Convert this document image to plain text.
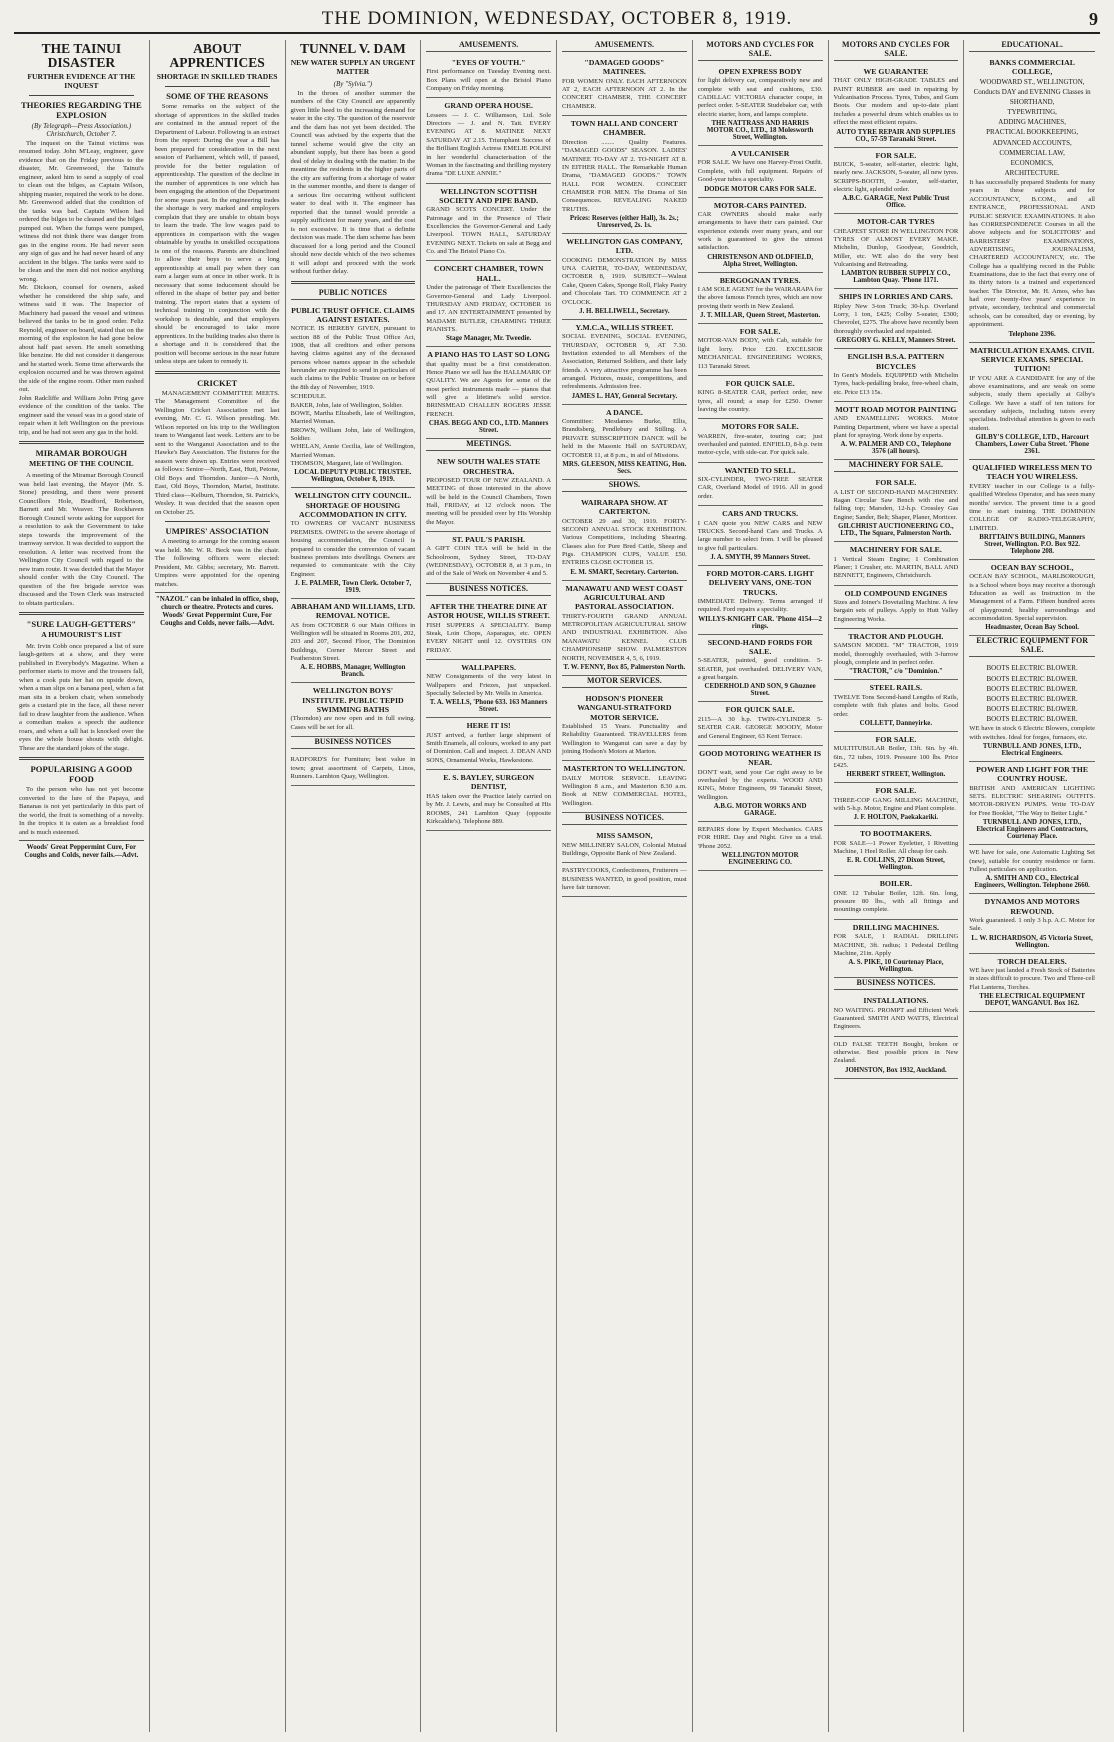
THE DOMINION, WEDNESDAY, OCTOBER 8, 1919.	9
THE TAINUI DISASTER
FURTHER EVIDENCE AT THE INQUEST
THEORIES REGARDING THE EXPLOSION
(By Telegraph—Press Association.) Christchurch, October 7.

The inquest on the Tainui victims was resumed today. John M'Leay, engineer, gave evidence that on the Friday previous to the disaster, Mr. Greenwood, the Tainui's engineer, asked him to send a supply of coal to clean out the bilges, as Captain Wilson, shipping master, required the work to be done. Mr. Greenwood added that the condition of the tanks was bad. Captain Wilson had ordered the bilges to be cleaned and the bilges pumped out. When the fumps were pumped, witness did not think there was danger from gas in the engine room. He had never seen any sign of gas and he had never heard of any accident in the bilges. The tanks were said to be clean and the men did not notice anything wrong.
Mr. Dickson, counsel for owners, asked whether he considered the ship safe, and witness said it was. The Inspector of Machinery had passed the vessel and witness believed the tanks to be in good order. Feliz Reynold, engineer on board, stated that on the morning of the explosion he had gone below about half past seven. He smelt something like benzine. He did not consider it dangerous and he started work. Some time afterwards the explosion occurred and he was thrown against the side of the engine room. Other men rushed out.
John Radcliffe and William John Pring gave evidence of the condition of the tanks. The engineer said the vessel was in a good state of repair when it left Wellington on the previous trip, and he had not seen any gas in the hold.

MIRAMAR BOROUGH
MEETING OF THE COUNCIL

A meeting of the Miramar Borough Council was held last evening, the Mayor (Mr. S. Stone) presiding, and there were present Councillors Hole, Bradford, Robertson, Barnett and Mr. Weaver. The Rockhaven Borough Council wrote asking for support for a resolution to ask the Government to take steps towards the improvement of the tramway service. It was decided to support the resolution. A letter was received from the Wellington City Council with regard to the new tram route. It was decided that the Mayor should confer with the City Council. The question of the fire brigade service was discussed and the Town Clerk was instructed to obtain particulars.

"SURE LAUGH-GETTERS"
A HUMOURIST'S LIST

Mr. Irvin Cobb once prepared a list of sure laugh-getters at a show, and they were published in Everybody's Magazine. When a performer starts to move and the trousers fall, when a cook puts her hat on upside down, when a man slips on a banana peel, when a fat man sits in a broken chair, when somebody gets a custard pie in the face, all these never fail to draw laughter from the audience. When a comedian makes a speech the audience roars, and when a tall hat is knocked over the eyes the whole house shouts with delight. These are the standard jokes of the stage.

POPULARISING A GOOD FOOD

To the person who has not yet become converted to the lure of the Papaya, and Bananas is not yet particularly in this part of the world, the fruit is something of a novelty. In the tropics it is eaten as a breakfast food and is much esteemed.

Woods' Great Peppermint Cure, For Coughs and Colds, never fails.—Advt.
ABOUT APPRENTICES
SHORTAGE IN SKILLED TRADES
SOME OF THE REASONS

Some remarks on the subject of the shortage of apprentices in the skilled trades are contained in the annual report of the Department of Labour. Following is an extract from the report: During the year a Bill has been prepared for consideration in the next session of Parliament, which will, if passed, provide for the better regulation of apprenticeship. The question of the decline in the number of apprentices is one which has been engaging the attention of the Department for some years past. In the engineering trades the shortage is very marked and employers complain that they are unable to obtain boys to learn the trade. The low wages paid to apprentices in comparison with the wages obtainable by youths in unskilled occupations is one of the reasons. Parents are disinclined to allow their boys to serve a long apprenticeship at small pay when they can earn a larger sum at once in other work. It is necessary that some inducement should be offered in the shape of better pay and better training. The report states that a system of technical training in conjunction with the workshop is desirable, and that employers should be encouraged to take more apprentices. In the building trades also there is a shortage and it is considered that the position will become serious in the near future unless steps are taken to remedy it.

CRICKET

MANAGEMENT COMMITTEE MEETS. The Management Committee of the Wellington Cricket Association met last evening, Mr. C. G. Wilson presiding. Mr. Wilson reported on his trip to the Wellington team to Wanganui last week. Letters are to be sent to the Wanganui Association and to the Hawke's Bay Association. The fixtures for the season were drawn up. Entries were received as follows: Senior—North, East, Hutt, Petone, Old Boys and Thorndon. Junior—A North, East, Old Boys, Thorndon, Marist, Institute. Third class—Kelburn, Thorndon, St. Patrick's, Wesley. It was decided that the season open on October 25.

UMPIRES' ASSOCIATION

A meeting to arrange for the coming season was held. Mr. W. R. Beck was in the chair. The following officers were elected: President, Mr. Gibbs; secretary, Mr. Barrett. Umpires were appointed for the opening matches.

"NAZOL" can be inhaled in office, shop, church or theatre. Protects and cures. Woods' Great Peppermint Cure, For Coughs and Colds, never fails.—Advt.
TUNNEL V. DAM
NEW WATER SUPPLY AN URGENT MATTER
(By "Sylvia.")

In the throes of another summer the numbers of the City Council are apparently given little heed to the increasing demand for water in the city. The question of the reservoir and the dam has not yet been decided. The Council was advised by the experts that the tunnel scheme would give the city an abundant supply, but there has been a good deal of delay in dealing with the matter. In the meantime the residents in the higher parts of the city are suffering from a shortage of water in the summer months, and there is danger of a serious fire occurring without sufficient water to deal with it. The engineer has reported that the tunnel would provide a supply sufficient for many years, and the cost is not excessive. It is time that a definite decision was made. The dam scheme has been discussed for a long period and the Council should now decide which of the two schemes it will adopt and proceed with the work without further delay.

PUBLIC NOTICES
PUBLIC TRUST OFFICE. CLAIMS AGAINST ESTATES.
NOTICE IS HEREBY GIVEN, pursuant to section 88 of the Public Trust Office Act, 1908, that all creditors and other persons having claims against any of the deceased persons whose names appear in the schedule hereunder are required to send in particulars of such claims to the Public Trustee on or before the 8th day of November, 1919.
SCHEDULE.
BAKER, John, late of Wellington, Soldier.
BOWE, Martha Elizabeth, late of Wellington, Married Woman.
BROWN, William John, late of Wellington, Soldier.
WHELAN, Annie Cecilia, late of Wellington, Married Woman.
THOMSON, Margaret, late of Wellington.
LOCAL DEPUTY PUBLIC TRUSTEE. Wellington, October 8, 1919.
WELLINGTON CITY COUNCIL. SHORTAGE OF HOUSING ACCOMMODATION IN CITY.
TO OWNERS OF VACANT BUSINESS PREMISES. OWING to the severe shortage of housing accommodation, the Council is prepared to consider the conversion of vacant business premises into dwellings. Owners are requested to communicate with the City Engineer.
J. E. PALMER, Town Clerk. October 7, 1919.
ABRAHAM AND WILLIAMS, LTD. REMOVAL NOTICE.
AS from OCTOBER 6 our Main Offices in Wellington will be situated in Rooms 201, 202, 203 and 207, Second Floor, The Dominion Buildings, Corner Mercer Street and Featherston Street.
A. E. HOBBS, Manager, Wellington Branch.
WELLINGTON BOYS' INSTITUTE. PUBLIC TEPID SWIMMING BATHS
(Thorndon) are now open and in full swing. Cases will be set for all.
BUSINESS NOTICES
RADFORD'S for Furniture; best value in town; great assortment of Carpets, Linos, Runners. Lambton Quay, Wellington.
AMUSEMENTS.
"EYES OF YOUTH."
First performance on Tuesday Evening next. Box Plans will open at the Bristol Piano Company on Friday morning.
GRAND OPERA HOUSE.
Lessees — J. C. Williamson, Ltd. Sole Directors — J. and N. Tait. EVERY EVENING AT 8. MATINEE NEXT SATURDAY AT 2.15. Triumphant Success of the Brilliant English Actress EMELIE POLINI in her wonderful characterisation of the Woman in the fascinating and thrilling mystery drama "DE LUXE ANNIE."
WELLINGTON SCOTTISH SOCIETY AND PIPE BAND.
GRAND SCOTS CONCERT. Under the Patronage and in the Presence of Their Excellencies the Governor-General and Lady Liverpool. TOWN HALL, SATURDAY EVENING NEXT. Tickets on sale at Begg and Co. and The Bristol Piano Co.
CONCERT CHAMBER, TOWN HALL.
Under the patronage of Their Excellencies the Governor-General and Lady Liverpool. THURSDAY AND FRIDAY, OCTOBER 16 and 17. AN ENTERTAINMENT presented by MADAME BUTLER, CHARMING THREE PIANISTS.
Stage Manager, Mr. Tweedie.
A PIANO HAS TO LAST SO LONG
that quality must be a first consideration. Hence Piano we sell has the HALLMARK OF QUALITY. We are Agents for some of the most perfect instruments made — pianos that will give a lifetime's solid service. BRINSMEAD CHALLEN ROGERS JESSE FRENCH.
CHAS. BEGG AND CO., LTD. Manners Street.
MEETINGS.
NEW SOUTH WALES STATE ORCHESTRA.
PROPOSED TOUR OF NEW ZEALAND. A MEETING of those interested in the above will be held in the Council Chambers, Town Hall, FRIDAY, at 12 o'clock noon. The meeting will be presided over by His Worship the Mayor.
ST. PAUL'S PARISH.
A GIFT COIN TEA will be held in the Schoolroom, Sydney Street, TO-DAY (WEDNESDAY), OCTOBER 8, at 3 p.m., in aid of the Sale of Work on November 4 and 5.
BUSINESS NOTICES.
AFTER THE THEATRE DINE AT ASTOR HOUSE, WILLIS STREET.
FISH SUPPERS A SPECIALITY. Bump Steak, Loin Chops, Asparagus, etc. OPEN EVERY NIGHT until 12. OYSTERS ON FRIDAY.
WALLPAPERS.
NEW Consignments of the very latest in Wallpapers and Friezes, just unpacked. Specially Selected by Mr. Wells in America.
T. A. WELLS, 'Phone 633. 163 Manners Street.
HERE IT IS!
JUST arrived, a further large shipment of Smith Enamels, all colours, worked to any part of Dominion. Call and inspect. J. DEAN AND SONS, Ornamental Works, Hawkestone.
E. S. BAYLEY, SURGEON DENTIST,
HAS taken over the Practice lately carried on by Mr. J. Lewis, and may be Consulted at His ROOMS, 241 Lambton Quay (opposite Kirkcaldie's). Telephone 889.
AMUSEMENTS.
"DAMAGED GOODS" MATINEES.
FOR WOMEN ONLY. EACH AFTERNOON AT 2, EACH AFTERNOON AT 2. In the CONCERT CHAMBER, THE CONCERT CHAMBER.
TOWN HALL AND CONCERT CHAMBER.
Direction ........ Quality Features. "DAMAGED GOODS" SEASON. LADIES' MATINEE TO-DAY AT 2. TO-NIGHT AT 8. IN EITHER HALL. The Remarkable Human Drama, "DAMAGED GOODS." TOWN HALL FOR WOMEN. CONCERT CHAMBER FOR MEN. The Drama of Sin Consequences. REVEALING NAKED TRUTHS.
Prices: Reserves (either Hall), 3s. 2s.; Unreserved, 2s. 1s.
WELLINGTON GAS COMPANY, LTD.
COOKING DEMONSTRATION By MISS UNA CARTER, TO-DAY, WEDNESDAY, OCTOBER 8, 1919. SUBJECT—Walnut Cake, Queen Cakes, Sponge Roll, Flaky Pastry and Chocolate Tart. TO COMMENCE AT 2 O'CLOCK.
J. H. BELLIWELL, Secretary.
Y.M.C.A., WILLIS STREET.
SOCIAL EVENING, SOCIAL EVENING, THURSDAY, OCTOBER 9, AT 7.30. Invitation extended to all Members of the Association, Returned Soldiers, and their lady friends. A very attractive programme has been arranged. Pictures, music, competitions, and refreshments. Admission free.
JAMES L. HAY, General Secretary.
A DANCE.
Committee: Mesdames Burke, Ellis, Brandtsberg, Pendlebury and Stilling. A PRIVATE SUBSCRIPTION DANCE will be held in the Masonic Hall on SATURDAY, OCTOBER 11, at 8 p.m., in aid of Missions.
MRS. GLEESON, MISS KEATING, Hon. Secs.
SHOWS.
WAIRARAPA SHOW. AT CARTERTON.
OCTOBER 29 and 30, 1919. FORTY-SECOND ANNUAL STOCK EXHIBITION. Various Competitions, including Shearing. Classes also for Pure Bred Cattle, Sheep and Pigs. CHAMPION CUPS, VALUE £50. ENTRIES CLOSE OCTOBER 15.
E. M. SMART, Secretary. Carterton.
MANAWATU AND WEST COAST AGRICULTURAL AND PASTORAL ASSOCIATION.
THIRTY-FOURTH GRAND ANNUAL METROPOLITAN AGRICULTURAL SHOW AND INDUSTRIAL EXHIBITION. Also MANAWATU KENNEL CLUB CHAMPIONSHIP SHOW. PALMERSTON NORTH, NOVEMBER 4, 5, 6, 1919.
T. W. FENNY, Box 85, Palmerston North.
MOTOR SERVICES.
HODSON'S PIONEER WANGANUI-STRATFORD MOTOR SERVICE.
Established 15 Years. Punctuality and Reliability Guaranteed. TRAVELLERS from Wellington to Wanganui can save a day by joining Hodson's Motors at Marton.
MASTERTON TO WELLINGTON.
DAILY MOTOR SERVICE. LEAVING Wellington 8 a.m., and Masterton 8.30 a.m. Book at NEW COMMERCIAL HOTEL, Wellington.
BUSINESS NOTICES.
MISS SAMSON,
NEW MILLINERY SALON, Colonial Mutual Buildings, Opposite Bank of New Zealand.
PASTRYCOOKS, Confectioners, Fruiterers — BUSINESS WANTED, in good position, must have fair turnover.
MOTORS AND CYCLES FOR SALE.
OPEN EXPRESS BODY
for light delivery car, comparatively new and complete with seat and cushions, £30. CADILLAC VICTORIA character coupe, in perfect order. 5-SEATER Studebaker car, with electric starter, horn, and lamps complete.
THE NATTRASS AND HARRIS MOTOR CO., LTD., 18 Molesworth Street, Wellington.
A VULCANISER
FOR SALE. We have one Harvey-Frost Outfit. Complete, with full equipment. Repairs of Good-year tubes a speciality.
DODGE MOTOR CARS FOR SALE.
MOTOR-CARS PAINTED.
CAR OWNERS should make early arrangements to have their cars painted. Our experience extends over many years, and our work is guaranteed to give the utmost satisfaction.
CHRISTENSON AND OLDFIELD, Alpha Street, Wellington.
BERGOGNAN TYRES.
I AM SOLE AGENT for the WAIRARAPA for the above famous French tyres, which are now proving their worth in New Zealand.
J. T. MILLAR, Queen Street, Masterton.
FOR SALE.
MOTOR-VAN BODY, with Cab, suitable for light lorry. Price £20. EXCELSIOR MECHANICAL ENGINEERING WORKS, 113 Taranaki Street.
FOR QUICK SALE.
KING 8-SEATER CAR, perfect order, new tyres, all round; a snap for £250. Owner leaving the country.
MOTORS FOR SALE.
WARREN, five-seater, touring car; just overhauled and painted. ENFIELD, 8-h.p. twin motor-cycle, with side-car. For quick sale.
WANTED TO SELL.
SIX-CYLINDER, TWO-TREE SEATER CAR, Overland Model of 1916. All in good order.
CARS AND TRUCKS.
I CAN quote you NEW CARS and NEW TRUCKS. Second-hand Cars and Trucks. A large number to select from. I will be pleased to give full particulars.
J. A. SMYTH, 99 Manners Street.
FORD MOTOR-CARS. LIGHT DELIVERY VANS, ONE-TON TRUCKS.
IMMEDIATE Delivery. Terms arranged if required. Ford repairs a speciality.
WILLYS-KNIGHT CAR. 'Phone 4154—2 rings.
SECOND-HAND FORDS FOR SALE.
5-SEATER, painted, good condition. 5-SEATER, just overhauled. DELIVERY VAN, a great bargain.
CEDERHOLD AND SON, 9 Ghuznee Street.
FOR QUICK SALE.
2115—A 30 h.p. TWIN-CYLINDER 5-SEATER CAR. GEORGE MOODY, Motor and General Engineer, 63 Kent Terrace.
GOOD MOTORING WEATHER IS NEAR.
DON'T wait, send your Car right away to be overhauled by the experts. WOOD AND KING, Motor Engineers, 99 Taranaki Street, Wellington.
A.B.G. MOTOR WORKS AND GARAGE.
REPAIRS done by Expert Mechanics. CARS FOR HIRE. Day and Night. Give us a trial. 'Phone 2052.
WELLINGTON MOTOR ENGINEERING CO.
MOTORS AND CYCLES FOR SALE.
WE GUARANTEE
THAT ONLY HIGH-GRADE TABLES and PAINT RUBBER are used in repairing by Vulcanisation Process. Tyres, Tubes, and Gum Boots. Our modern and up-to-date plant includes a powerful drum which enables us to effect the most efficient repairs.
AUTO TYRE REPAIR AND SUPPLIES CO., 57-59 Taranaki Street.
FOR SALE.
BUICK, 5-seater, self-starter, electric light, nearly new. JACKSON, 5-seater, all new tyres. SCRIPPS-BOOTH, 2-seater, self-starter, electric light, splendid order.
A.B.C. GARAGE, Next Public Trust Office.
MOTOR-CAR TYRES
CHEAPEST STORE IN WELLINGTON FOR TYRES OF ALMOST EVERY MAKE. Michelin, Dunlop, Goodyear, Goodrich, Miller, etc. WE also do the very best Vulcanising and Retreading.
LAMBTON RUBBER SUPPLY CO., Lambton Quay. 'Phone 1171.
SHIPS IN LORRIES AND CARS.
Ripley New 3-ton Truck; 30-h.p. Overland Lorry, 1 ton, £425; Colby 5-seater, £300; Chevrolet, £275. The above have recently been thoroughly overhauled and repainted.
GREGORY G. KELLY, Manners Street.
ENGLISH B.S.A. PATTERN BICYCLES
In Gent's Models. EQUIPPED with Michelin Tyres, back-pedalling brake, free-wheel chain, etc. Price £13 15s.
MOTT ROAD MOTOR PAINTING
AND ENAMELLING WORKS. Motor Painting Department, where we have a special plant for spraying. Work done by experts.
A. W. PALMER AND CO., Telephone 3576 (all hours).
MACHINERY FOR SALE.
FOR SALE.
A LIST OF SECOND-HAND MACHINERY. Ragan Circular Saw Bench with rise and falling top; Marsden, 12-h.p. Crossley Gas Engine; Sander, Belt; Shaper, Planer, Morticer.
GILCHRIST AUCTIONEERING CO., LTD., The Square, Palmerston North.
MACHINERY FOR SALE.
1 Vertical Steam Engine; 1 Combination Planer; 1 Crusher, etc. MARTIN, BALL AND BENNETT, Engineers, Christchurch.
OLD COMPOUND ENGINES
Sizes and Joiner's Dovetailing Machine. A few bargain sets of pulleys. Apply to Hutt Valley Engineering Works.
TRACTOR AND PLOUGH.
SAMSON MODEL "M" TRACTOR, 1919 model, thoroughly overhauled, with 3-furrow plough, complete and in perfect order.
"TRACTOR," c/o "Dominion."
STEEL RAILS.
TWELVE Tons Second-hand Lengths of Rails, complete with fish plates and bolts. Good order.
COLLETT, Danneyirke.
FOR SALE.
MULTITUBULAR Boiler, 13ft. 6in. by 4ft. 6in., 72 tubes, 1919. Pressure 100 lbs. Price £425.
HERBERT STREET, Wellington.
FOR SALE.
THREE-COP GANG MILLING MACHINE, with 5-h.p. Motor, Engine and Plant complete.
J. F. HOLTON, Paekakariki.
TO BOOTMAKERS.
FOR SALE—1 Power Eyeletter, 1 Rivetting Machine, 1 Heel Roller. All cheap for cash.
E. R. COLLINS, 27 Dixon Street, Wellington.
BOILER.
ONE 12 Tubular Boiler, 12ft. 6in. long, pressure 80 lbs., with all fittings and mountings complete.
DRILLING MACHINES.
FOR SALE, 1 RADIAL DRILLING MACHINE, 3ft. radius; 1 Pedestal Drilling Machine, 21in. Apply
A. S. PIKE, 10 Courtenay Place, Wellington.
BUSINESS NOTICES.
INSTALLATIONS.
NO WAITING. PROMPT and Efficient Work Guaranteed. SMITH AND WATTS, Electrical Engineers.
OLD FALSE TEETH Bought, broken or otherwise. Best possible prices in New Zealand.
JOHNSTON, Box 1932, Auckland.
EDUCATIONAL.
BANKS COMMERCIAL COLLEGE,
WOODWARD ST., WELLINGTON,
Conducts DAY and EVENING Classes in
SHORTHAND,
TYPEWRITING,
ADDING MACHINES,
PRACTICAL BOOKKEEPING,
ADVANCED ACCOUNTS,
COMMERCIAL LAW,
ECONOMICS,
ARCHITECTURE.
It has successfully prepared Students for many years in these subjects and for ACCOUNTANCY, B.COM., and all ENTRANCE, PROFESSIONAL AND PUBLIC SERVICE EXAMINATIONS. It also has CORRESPONDENCE Courses in all the above subjects and for SOLICITORS' and BARRISTERS' EXAMINATIONS, ADVERTISING, JOURNALISM, CHARTERED ACCOUNTANCY, etc. The College has a qualifying record in the Public Examinations, due to the fact that every one of its thirty tutors is a trained and experienced teacher. The Director, Mr. H. Amos, who has had over twenty-five years' experience in private, secondary, technical and commercial schools, can be consulted, day or evening, by appointment.
Telephone 2396.
MATRICULATION EXAMS. CIVIL SERVICE EXAMS. SPECIAL TUITION!
IF YOU ARE A CANDIDATE for any of the above examinations, and are weak on some subjects, study them specially at Gilby's College. We have a staff of ten tuitors for secondary subjects, including tutors every specialists. Individual attention is given to each student.
GILBY'S COLLEGE, LTD., Harcourt Chambers, Lower Cuba Street. 'Phone 2361.
QUALIFIED WIRELESS MEN TO TEACH YOU WIRELESS.
EVERY teacher in our College is a fully-qualified Wireless Operator, and has seen many months' service. The present time is a good time to start training. THE DOMINION COLLEGE OF RADIO-TELEGRAPHY, LIMITED.
BRITTAIN'S BUILDING, Manners Street, Wellington. P.O. Box 922. Telephone 208.
OCEAN BAY SCHOOL,
OCEAN BAY SCHOOL, MARLBOROUGH, is a School where boys may receive a thorough Education as well as Instruction in the Management of a Farm. Fifteen hundred acres of playground; healthy surroundings and accommodation. Special supervision.
Headmaster, Ocean Bay School.
ELECTRIC EQUIPMENT FOR SALE.
BOOTS ELECTRIC BLOWER.
BOOTS ELECTRIC BLOWER.
BOOTS ELECTRIC BLOWER.
BOOTS ELECTRIC BLOWER.
BOOTS ELECTRIC BLOWER.
BOOTS ELECTRIC BLOWER.
WE have in stock 6 Electric Blowers, complete with switches. Ideal for forges, furnaces, etc.
TURNBULL AND JONES, LTD., Electrical Engineers.
POWER AND LIGHT FOR THE COUNTRY HOUSE.
BRITISH AND AMERICAN LIGHTING SETS. ELECTRIC SHEARING OUTFITS. MOTOR-DRIVEN PUMPS. Write TO-DAY for Free Booklet, "The Way to Better Light."
TURNBULL AND JONES, LTD., Electrical Engineers and Contractors, Courtenay Place.
WE have for sale, one Automatic Lighting Set (new), suitable for country residence or farm. Fullest particulars on application.
A. SMITH AND CO., Electrical Engineers, Wellington. Telephone 2660.
DYNAMOS AND MOTORS REWOUND.
Work guaranteed. 1 only 3 h.p. A.C. Motor for Sale.
L. W. RICHARDSON, 45 Victoria Street, Wellington.
TORCH DEALERS.
WE have just landed a Fresh Stock of Batteries in sizes difficult to procure. Two and Three-cell Flat Lanterns, Torches.
THE ELECTRICAL EQUIPMENT DEPOT, WANGANUI. Box 162.
